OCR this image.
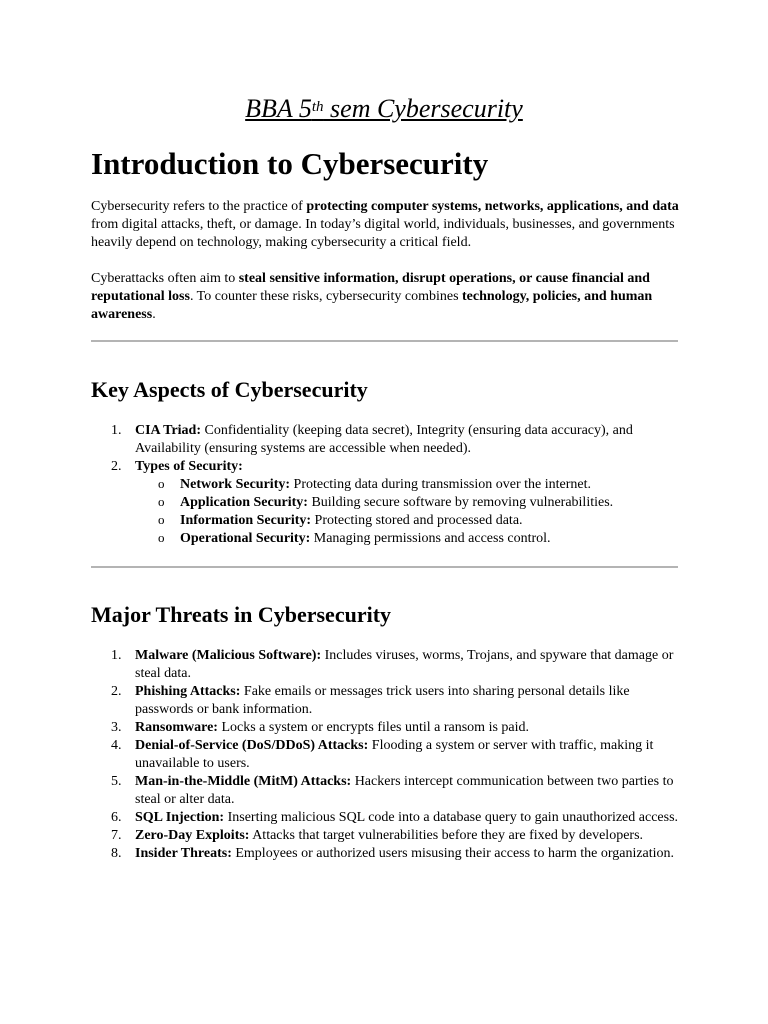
BBA 5th sem Cybersecurity
Introduction to Cybersecurity

Cybersecurity refers to the practice of protecting computer systems, networks, applications, and data from digital attacks, theft, or damage. In today’s digital world, individuals, businesses, and governments heavily depend on technology, making cybersecurity a critical field.

Cyberattacks often aim to steal sensitive information, disrupt operations, or cause financial and reputational loss. To counter these risks, cybersecurity combines technology, policies, and human awareness.

Key Aspects of Cybersecurity
1. CIA Triad: Confidentiality (keeping data secret), Integrity (ensuring data accuracy), and Availability (ensuring systems are accessible when needed).
2. Types of Security:
o Network Security: Protecting data during transmission over the internet.
o Application Security: Building secure software by removing vulnerabilities.
o Information Security: Protecting stored and processed data.
o Operational Security: Managing permissions and access control.
Major Threats in Cybersecurity
1. Malware (Malicious Software): Includes viruses, worms, Trojans, and spyware that damage or steal data.
2. Phishing Attacks: Fake emails or messages trick users into sharing personal details like passwords or bank information.
3. Ransomware: Locks a system or encrypts files until a ransom is paid.
4. Denial-of-Service (DoS/DDoS) Attacks: Flooding a system or server with traffic, making it unavailable to users.
5. Man-in-the-Middle (MitM) Attacks: Hackers intercept communication between two parties to steal or alter data.
6. SQL Injection: Inserting malicious SQL code into a database query to gain unauthorized access.
7. Zero-Day Exploits: Attacks that target vulnerabilities before they are fixed by developers.
8. Insider Threats: Employees or authorized users misusing their access to harm the organization.
